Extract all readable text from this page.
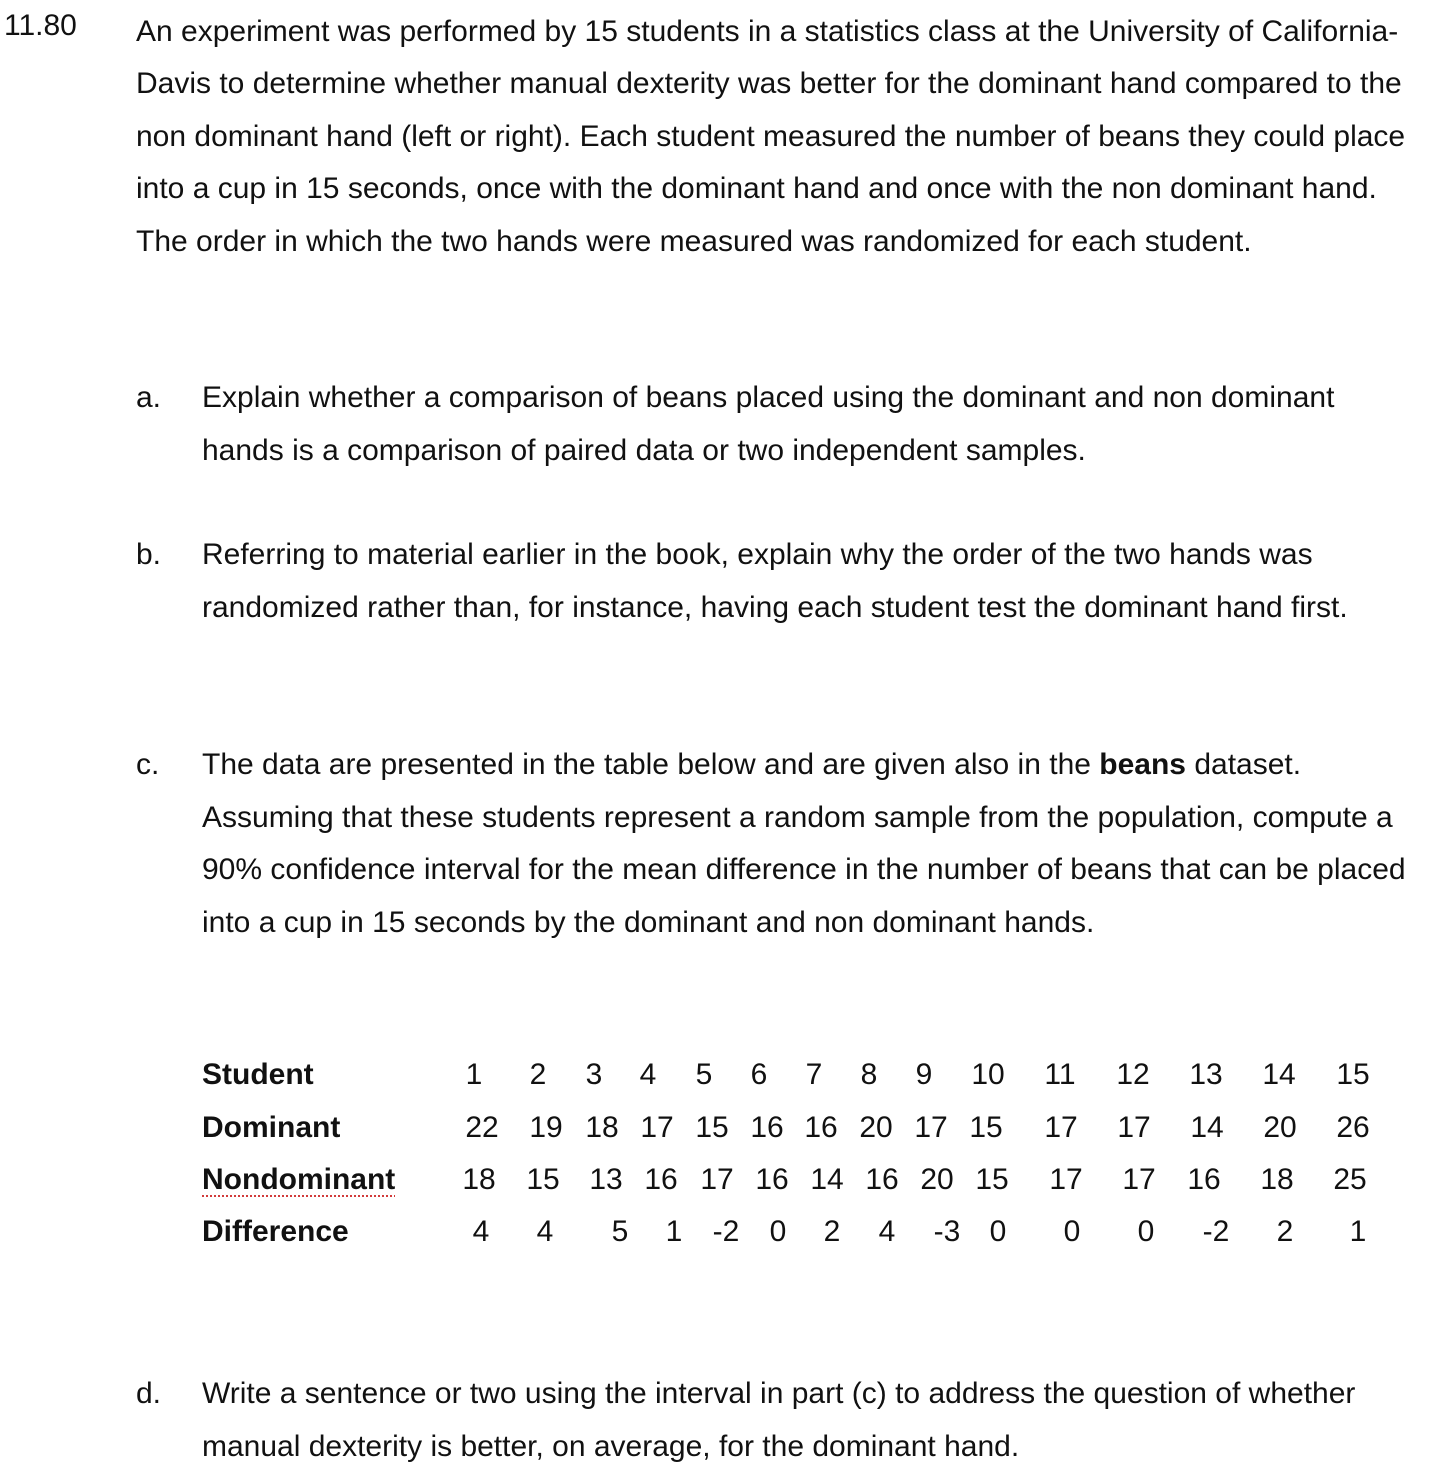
11.80 An experiment was performed by 15 students in a statistics class at the University of California-Davis to determine whether manual dexterity was better for the dominant hand compared to the non dominant hand (left or right). Each student measured the number of beans they could place into a cup in 15 seconds, once with the dominant hand and once with the non dominant hand. The order in which the two hands were measured was randomized for each student.

a. Explain whether a comparison of beans placed using the dominant and non dominant hands is a comparison of paired data or two independent samples.

b. Referring to material earlier in the book, explain why the order of the two hands was randomized rather than, for instance, having each student test the dominant hand first.

c. The data are presented in the table below and are given also in the beans dataset. Assuming that these students represent a random sample from the population, compute a 90% confidence interval for the mean difference in the number of beans that can be placed into a cup in 15 seconds by the dominant and non dominant hands.

Student
Dominant
Nondominant
Difference
1 2 3 4 5 6 7 8 9 10 11 12 13 14 15
22 19 18 17 15 16 16 20 17 15 17 17 14 20 26
18 15 13 16 17 16 14 16 20 15 17 17 16 18 25
4 4 5 1 -2 0 2 4 -3 0 0 0 -2 2 1
d. Write a sentence or two using the interval in part (c) to address the question of whether manual dexterity is better, on average, for the dominant hand.
